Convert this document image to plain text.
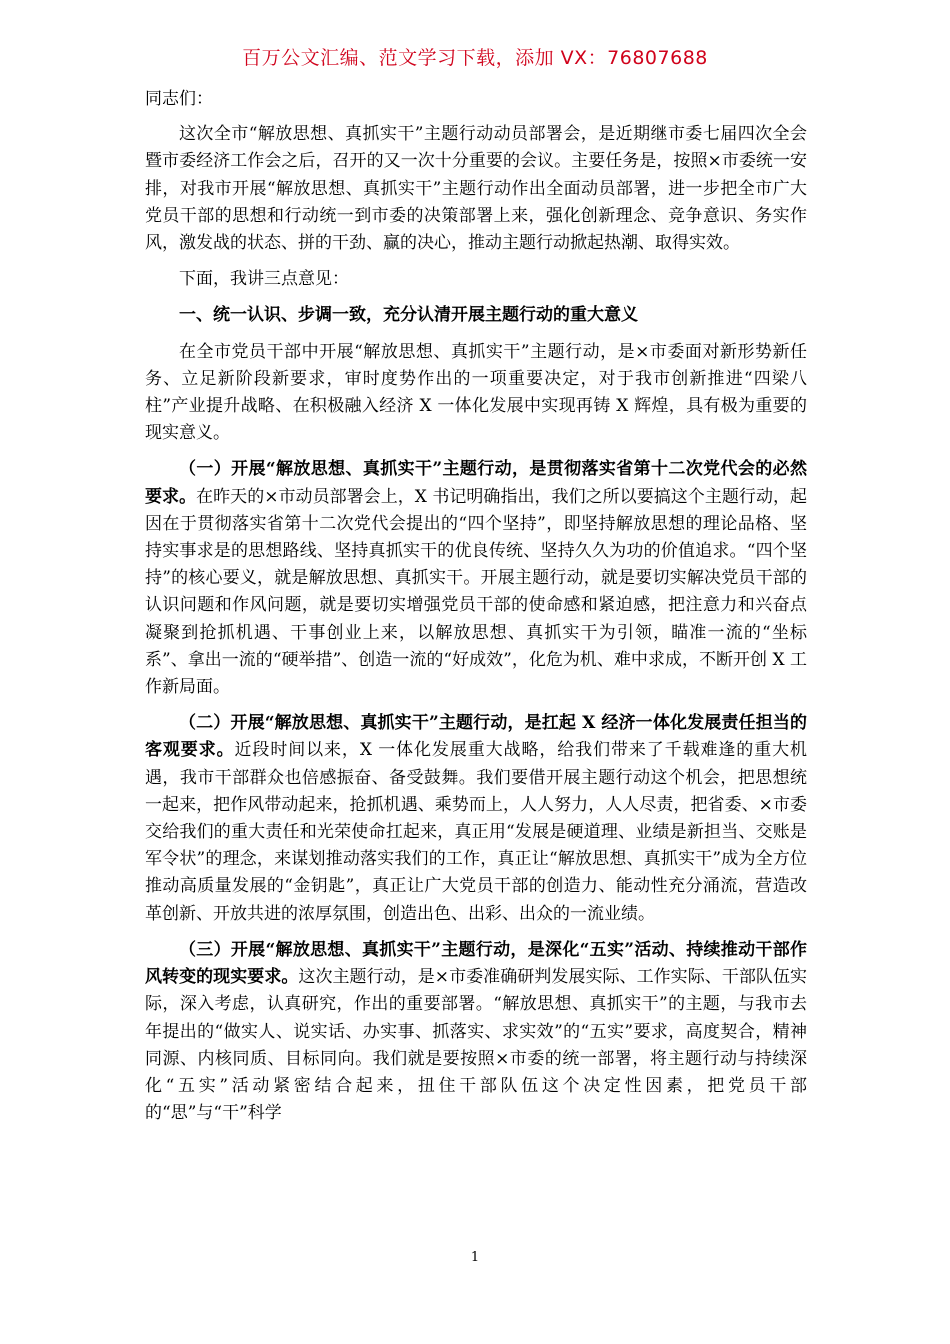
百万公文汇编、范文学习下载，添加 VX：76807688
同志们：

这次全市“解放思想、真抓实干”主题行动动员部署会，是近期继市委七届四次全会暨市委经济工作会之后，召开的又一次十分重要的会议。主要任务是，按照×市委统一安排，对我市开展“解放思想、真抓实干”主题行动作出全面动员部署，进一步把全市广大党员干部的思想和行动统一到市委的决策部署上来，强化创新理念、竞争意识、务实作风，激发战的状态、拼的干劲、赢的决心，推动主题行动掀起热潮、取得实效。

下面，我讲三点意见：

一、统一认识、步调一致，充分认清开展主题行动的重大意义

在全市党员干部中开展“解放思想、真抓实干”主题行动，是×市委面对新形势新任务、立足新阶段新要求，审时度势作出的一项重要决定，对于我市创新推进“四梁八柱”产业提升战略、在积极融入经济 X 一体化发展中实现再铸 X 辉煌，具有极为重要的现实意义。

（一）开展“解放思想、真抓实干”主题行动，是贯彻落实省第十二次党代会的必然要求。在昨天的×市动员部署会上，X 书记明确指出，我们之所以要搞这个主题行动，起因在于贯彻落实省第十二次党代会提出的“四个坚持”，即坚持解放思想的理论品格、坚持实事求是的思想路线、坚持真抓实干的优良传统、坚持久久为功的价值追求。“四个坚持”的核心要义，就是解放思想、真抓实干。开展主题行动，就是要切实解决党员干部的认识问题和作风问题，就是要切实增强党员干部的使命感和紧迫感，把注意力和兴奋点凝聚到抢抓机遇、干事创业上来，以解放思想、真抓实干为引领，瞄准一流的“坐标系”、拿出一流的“硬举措”、创造一流的“好成效”，化危为机、难中求成，不断开创 X 工作新局面。

（二）开展“解放思想、真抓实干”主题行动，是扛起 X 经济一体化发展责任担当的客观要求。近段时间以来，X 一体化发展重大战略，给我们带来了千载难逢的重大机遇，我市干部群众也倍感振奋、备受鼓舞。我们要借开展主题行动这个机会，把思想统一起来，把作风带动起来，抢抓机遇、乘势而上，人人努力，人人尽责，把省委、×市委交给我们的重大责任和光荣使命扛起来，真正用“发展是硬道理、业绩是新担当、交账是军令状”的理念，来谋划推动落实我们的工作，真正让“解放思想、真抓实干”成为全方位推动高质量发展的“金钥匙”，真正让广大党员干部的创造力、能动性充分涌流，营造改革创新、开放共进的浓厚氛围，创造出色、出彩、出众的一流业绩。

（三）开展“解放思想、真抓实干”主题行动，是深化“五实”活动、持续推动干部作风转变的现实要求。这次主题行动，是×市委准确研判发展实际、工作实际、干部队伍实际，深入考虑，认真研究，作出的重要部署。“解放思想、真抓实干”的主题，与我市去年提出的“做实人、说实话、办实事、抓落实、求实效”的“五实”要求，高度契合，精神同源、内核同质、目标同向。我们就是要按照×市委的统一部署，将主题行动与持续深化“五实”活动紧密结合起来，扭住干部队伍这个决定性因素，把党员干部的“思”与“干”科学

1
